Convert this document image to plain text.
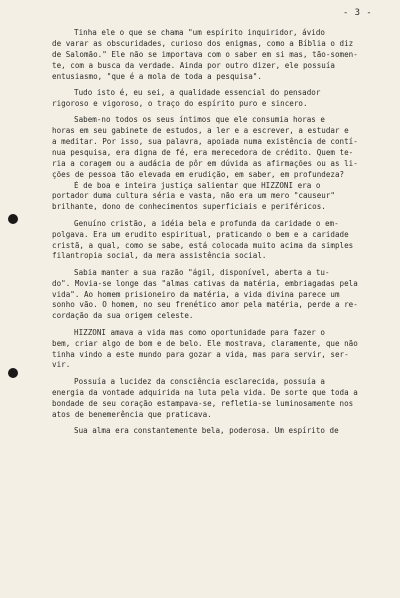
- 3 -
Tinha ele o que se chama "um espírito inquiridor, ávido
de varar as obscuridades, curioso dos enigmas, como a Bíblia o diz
de Salomão." Ele não se importava com o saber em si mas, tão-somen-
te, com a busca da verdade. Ainda por outro dizer, ele possuía
entusiasmo, "que é a mola de toda a pesquisa".
Tudo isto é, eu sei, a qualidade essencial do pensador
rigoroso e vigoroso, o traço do espírito puro e sincero.
Sabem-no todos os seus íntimos que ele consumia horas e
horas em seu gabinete de estudos, a ler e a escrever, a estudar e
a meditar. Por isso, sua palavra, apoiada numa existência de contí-
nua pesquisa, era digna de fé, era merecedora de crédito. Quem te-
ria a coragem ou a audácia de pôr em dúvida as afirmações ou as li-
ções de pessoa tão elevada em erudição, em saber, em profundeza?
É de boa e inteira justiça salientar que HIZZONI era o
portador duma cultura séria e vasta, não era um mero "causeur"
brilhante, dono de conhecimentos superficiais e periféricos.
Genuíno cristão, a idéia bela e profunda da caridade o em-
polgava. Era um erudito espiritual, praticando o bem e a caridade
cristã, a qual, como se sabe, está colocada muito acima da simples
filantropia social, da mera assistência social.
Sabia manter a sua razão "ágil, disponível, aberta a tu-
do". Movia-se longe das "almas cativas da matéria, embriagadas pela
vida". Ao homem prisioneiro da matéria, a vida divina parece um
sonho vão. O homem, no seu frenético amor pela matéria, perde a re-
cordação da sua origem celeste.
HIZZONI amava a vida mas como oportunidade para fazer o
bem, criar algo de bom e de belo. Ele mostrava, claramente, que não
tinha vindo a este mundo para gozar a vida, mas para servir, ser-
vir.
Possuía a lucidez da consciência esclarecida, possuía a
energia da vontade adquirida na luta pela vida. De sorte que toda a
bondade de seu coração estampava-se, refletia-se luminosamente nos
atos de benemerência que praticava.
Sua alma era constantemente bela, poderosa. Um espírito de
